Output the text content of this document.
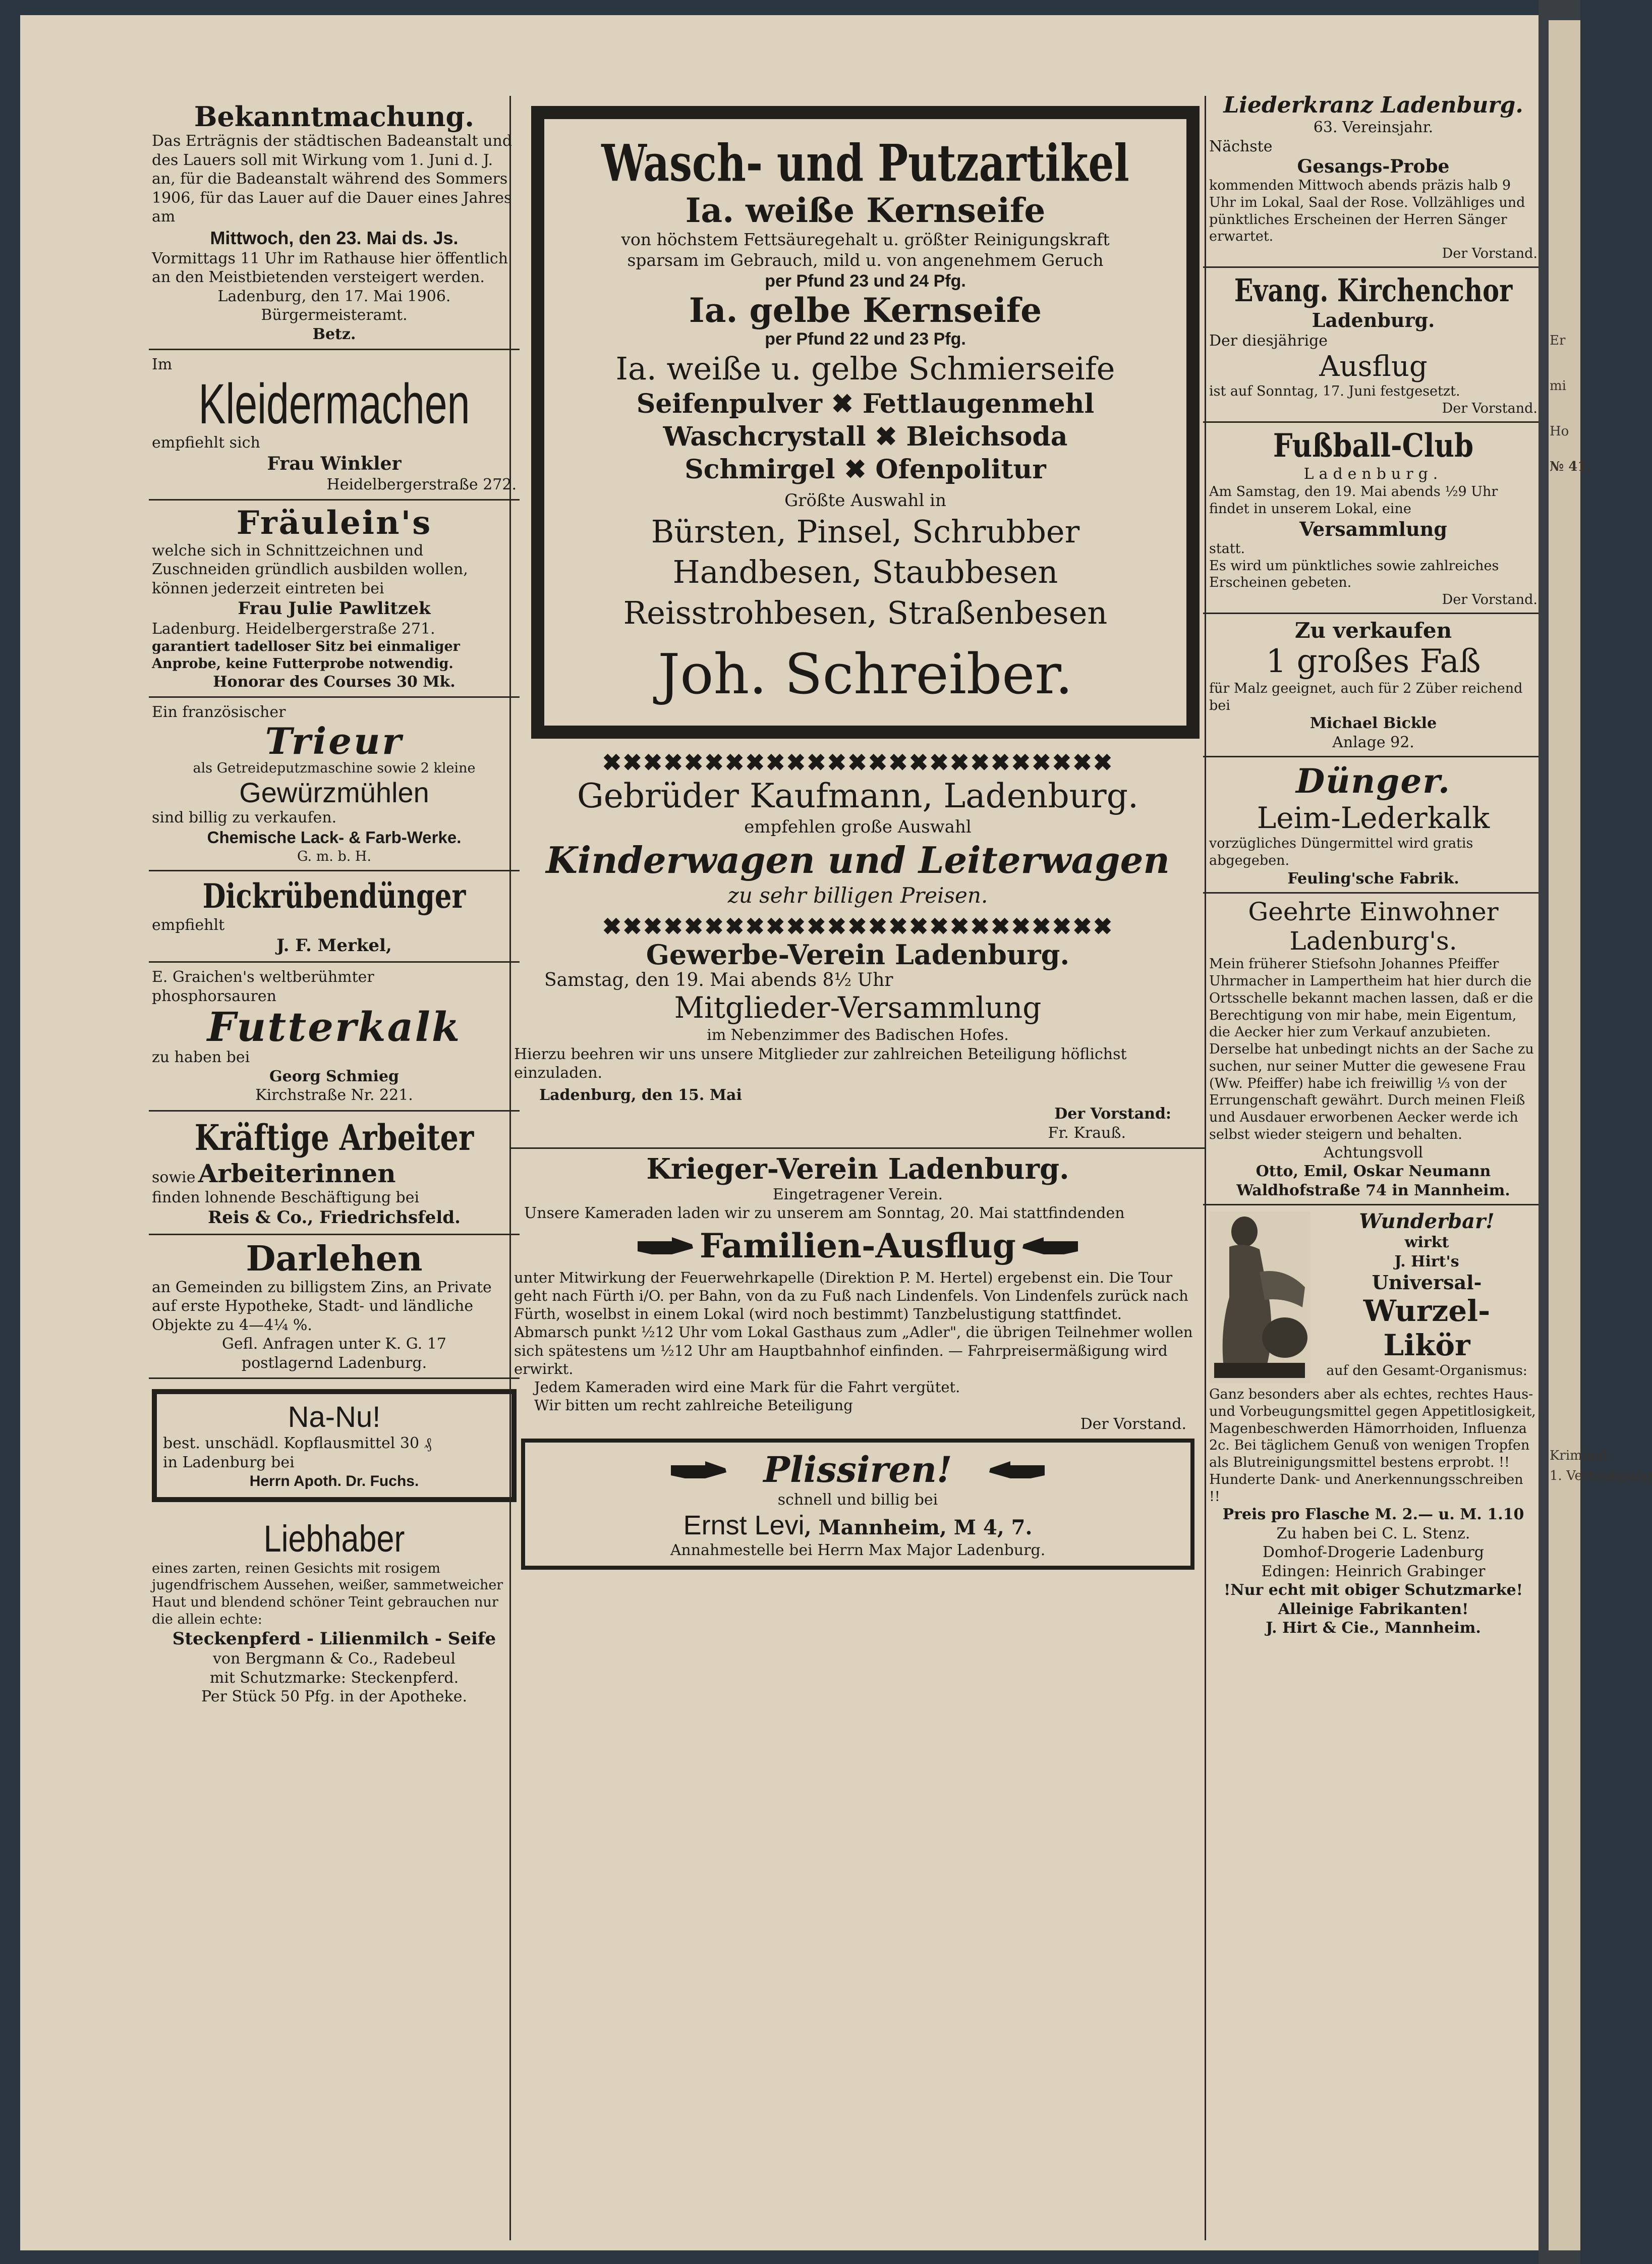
Bekanntmachung.
Das Erträgnis der städtischen Badeanstalt und des Lauers soll mit Wirkung vom 1. Juni d. J. an, für die Badeanstalt während des Sommers 1906, für das Lauer auf die Dauer eines Jahres am
Mittwoch, den 23. Mai ds. Js.
Vormittags 11 Uhr im Rathause hier öffentlich an den Meistbietenden versteigert werden.
Ladenburg, den 17. Mai 1906.
Bürgermeisteramt.
Betz.
Im
Kleidermachen
empfiehlt sich
Frau Winkler
Heidelbergerstraße 272.
Fräulein's
welche sich in Schnittzeichnen und Zuschneiden gründlich ausbilden wollen, können jederzeit eintreten bei
Frau Julie Pawlitzek
Ladenburg. Heidelbergerstraße 271.
garantiert tadelloser Sitz bei einmaliger Anprobe, keine Futterprobe notwendig.
Honorar des Courses 30 Mk.
Ein französischer
Trieur
als Getreideputzmaschine sowie 2 kleine
Gewürzmühlen
sind billig zu verkaufen.
Chemische Lack- & Farb-Werke.
G. m. b. H.
Dickrübendünger
empfiehlt
J. F. Merkel,
E. Graichen's weltberühmter
phosphorsauren
Futterkalk
zu haben bei
Georg Schmieg
Kirchstraße Nr. 221.
Kräftige Arbeiter
sowie Arbeiterinnen
finden lohnende Beschäftigung bei
Reis & Co., Friedrichsfeld.
Darlehen
an Gemeinden zu billigstem Zins, an Private auf erste Hypotheke, Stadt- und ländliche Objekte zu 4—4¼ %.
Gefl. Anfragen unter K. G. 17
postlagernd Ladenburg.
Na-Nu!
best. unschädl. Kopflausmittel 30 ₰
in Ladenburg bei
Herrn Apoth. Dr. Fuchs.
Liebhaber
eines zarten, reinen Gesichts mit rosigem jugendfrischem Aussehen, weißer, sammetweicher Haut und blendend schöner Teint gebrauchen nur die allein echte:
Steckenpferd - Lilienmilch - Seife
von Bergmann & Co., Radebeul
mit Schutzmarke: Steckenpferd.
Per Stück 50 Pfg. in der Apotheke.
Wasch- und Putzartikel
Ia. weiße Kernseife
von höchstem Fettsäuregehalt u. größter Reinigungskraft
sparsam im Gebrauch, mild u. von angenehmem Geruch
per Pfund 23 und 24 Pfg.
Ia. gelbe Kernseife
per Pfund 22 und 23 Pfg.
Ia. weiße u. gelbe Schmierseife
Seifenpulver ✖ Fettlaugenmehl
Waschcrystall ✖ Bleichsoda
Schmirgel ✖ Ofenpolitur
Größte Auswahl in
Bürsten, Pinsel, Schrubber
Handbesen, Staubbesen
Reisstrohbesen, Straßenbesen
Joh. Schreiber.
✖✖✖✖✖✖✖✖✖✖✖✖✖✖✖✖✖✖✖✖✖✖✖✖✖
Gebrüder Kaufmann, Ladenburg.
empfehlen große Auswahl
Kinderwagen und Leiterwagen
zu sehr billigen Preisen.
✖✖✖✖✖✖✖✖✖✖✖✖✖✖✖✖✖✖✖✖✖✖✖✖✖
Gewerbe-Verein Ladenburg.
Samstag, den 19. Mai abends 8½ Uhr
Mitglieder-Versammlung
im Nebenzimmer des Badischen Hofes.
Hierzu beehren wir uns unsere Mitglieder zur zahlreichen Beteiligung höflichst einzuladen.
Ladenburg, den 15. Mai
Der Vorstand:
Fr. Krauß.
Krieger-Verein Ladenburg.
Eingetragener Verein.
Unsere Kameraden laden wir zu unserem am Sonntag, 20. Mai stattfindenden
Familien-Ausflug
unter Mitwirkung der Feuerwehrkapelle (Direktion P. M. Hertel) ergebenst ein. Die Tour geht nach Fürth i/O. per Bahn, von da zu Fuß nach Lindenfels. Von Lindenfels zurück nach Fürth, woselbst in einem Lokal (wird noch bestimmt) Tanzbelustigung stattfindet.
Abmarsch punkt ½12 Uhr vom Lokal Gasthaus zum „Adler", die übrigen Teilnehmer wollen sich spätestens um ½12 Uhr am Hauptbahnhof einfinden. — Fahrpreisermäßigung wird erwirkt.
Jedem Kameraden wird eine Mark für die Fahrt vergütet.
Wir bitten um recht zahlreiche Beteiligung
Der Vorstand.
Plissiren!
schnell und billig bei
Ernst Levi, Mannheim, M 4, 7.
Annahmestelle bei Herrn Max Major Ladenburg.
Liederkranz Ladenburg.
63. Vereinsjahr.
Nächste
Gesangs-Probe
kommenden Mittwoch abends präzis halb 9 Uhr im Lokal, Saal der Rose. Vollzähliges und pünktliches Erscheinen der Herren Sänger erwartet.
Der Vorstand.
Evang. Kirchenchor
Ladenburg.
Der diesjährige
Ausflug
ist auf Sonntag, 17. Juni festgesetzt.
Der Vorstand.
Fußball-Club
Ladenburg.
Am Samstag, den 19. Mai abends ½9 Uhr findet in unserem Lokal, eine
Versammlung
statt.
Es wird um pünktliches sowie zahlreiches Erscheinen gebeten.
Der Vorstand.
Zu verkaufen
1 großes Faß
für Malz geeignet, auch für 2 Züber reichend bei
Michael Bickle
Anlage 92.
Dünger.
Leim-Lederkalk
vorzügliches Düngermittel wird gratis abgegeben.
Feuling'sche Fabrik.
Geehrte Einwohner Ladenburg's.
Mein früherer Stiefsohn Johannes Pfeiffer Uhrmacher in Lampertheim hat hier durch die Ortsschelle bekannt machen lassen, daß er die Berechtigung von mir habe, mein Eigentum, die Aecker hier zum Verkauf anzubieten. Derselbe hat unbedingt nichts an der Sache zu suchen, nur seiner Mutter die gewesene Frau (Ww. Pfeiffer) habe ich freiwillig ⅓ von der Errungenschaft gewährt. Durch meinen Fleiß und Ausdauer erworbenen Aecker werde ich selbst wieder steigern und behalten.
Achtungsvoll
Otto, Emil, Oskar Neumann
Waldhofstraße 74 in Mannheim.
Wunderbar!
wirkt
J. Hirt's
Universal-
Wurzel-
Likör
auf den Gesamt-Organismus:
Ganz besonders aber als echtes, rechtes Haus- und Vorbeugungsmittel gegen Appetitlosigkeit, Magenbeschwerden Hämorrhoiden, Influenza 2c. Bei täglichem Genuß von wenigen Tropfen als Blutreinigungsmittel bestens erprobt. !! Hunderte Dank- und Anerkennungsschreiben !!
Preis pro Flasche M. 2.— u. M. 1.10
Zu haben bei C. L. Stenz.
Domhof-Drogerie Ladenburg
Edingen: Heinrich Grabinger
!Nur echt mit obiger Schutzmarke!
Alleinige Fabrikanten!
J. Hirt & Cie., Mannheim.
Er
mi
Ho
№ 41.
Kriminal
1. Verteidigung
